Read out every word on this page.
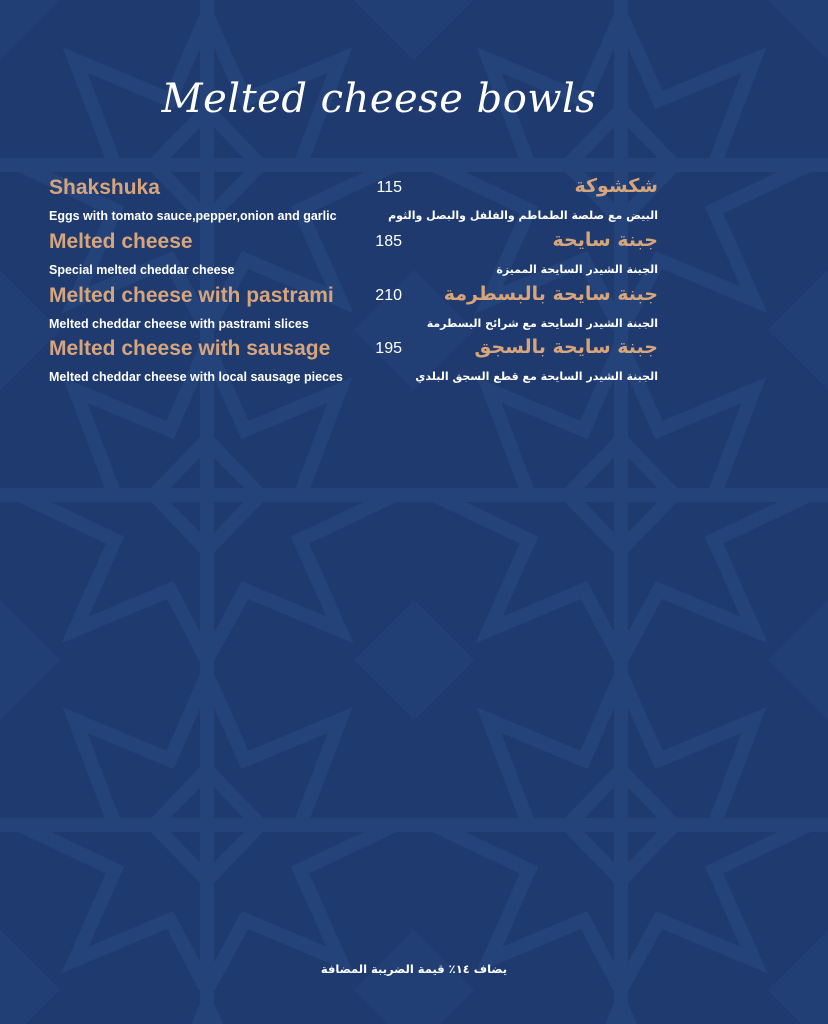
Melted cheese bowls
Shakshuka	115	شكشوكة
Eggs with tomato sauce,pepper,onion and garlic	البيض مع صلصة الطماطم والفلفل والبصل والثوم
Melted cheese	185	جبنة سايحة
Special melted cheddar cheese	الجبنة الشيدر السايحة المميزة
Melted cheese with pastrami	210 جبنة سايحة بالبسطرمة
Melted cheddar cheese with pastrami slices	الجبنة الشيدر السايحة مع شرائح البسطرمة
Melted cheese with sausage	195	جبنة سايحة بالسجق
Melted cheddar cheese with local sausage pieces	الجبنة الشيدر السايحة مع قطع السجق البلدي
يضاف ١٤٪ قيمة الضريبة المضافة
